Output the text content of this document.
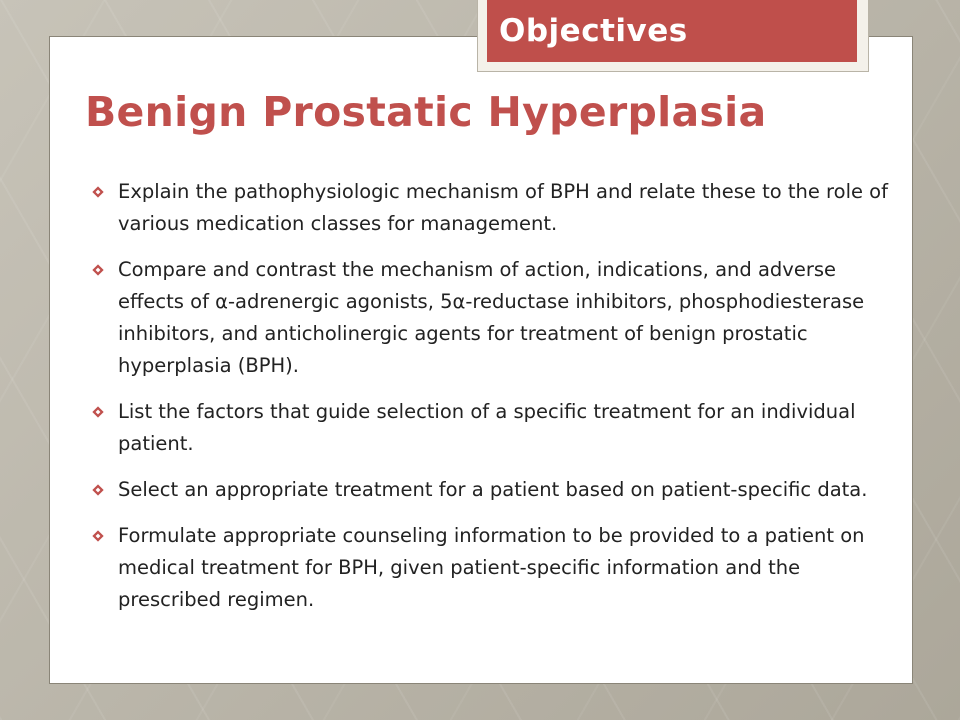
Objectives
Benign Prostatic Hyperplasia
Explain the pathophysiologic mechanism of BPH and relate these to the role of various medication classes for management.
Compare and contrast the mechanism of action, indications, and adverse effects of α-adrenergic agonists, 5α-reductase inhibitors, phosphodiesterase inhibitors, and anticholinergic agents for treatment of benign prostatic hyperplasia (BPH).
List the factors that guide selection of a specific treatment for an individual patient.
Select an appropriate treatment for a patient based on patient-specific data.
Formulate appropriate counseling information to be provided to a patient on medical treatment for BPH, given patient-specific information and the prescribed regimen.
